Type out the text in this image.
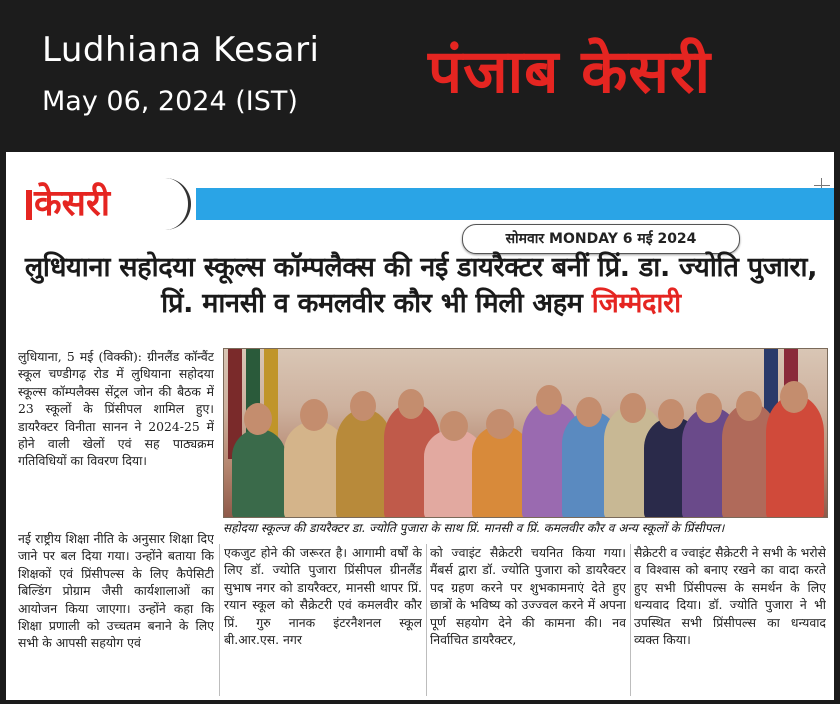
Ludhiana Kesari
May 06, 2024 (IST) पंजाब केसरी
केसरी
सोमवार MONDAY 6 मई 2024
लुधियाना सहोदया स्कूल्स कॉम्पलैक्स की नई डायरैक्टर बनीं प्रिं. डा. ज्योति पुजारा, प्रिं. मानसी व कमलवीर कौर भी मिली अहम जिम्मेदारी
लुधियाना, 5 मई (विक्की): ग्रीनलैंड कॉन्वैंट स्कूल चण्डीगढ़ रोड में लुधियाना सहोदया स्कूल्स कॉम्पलैक्स सेंट्रल जोन की बैठक में 23 स्कूलों के प्रिंसीपल शामिल हुए। डायरैक्टर विनीता सानन ने 2024-25 में होने वाली खेलों एवं सह पाठ्यक्रम गतिविधियों का विवरण दिया।
नई राष्ट्रीय शिक्षा नीति के अनुसार शिक्षा दिए जाने पर बल दिया गया। उन्होंने बताया कि शिक्षकों एवं प्रिंसीपल्स के लिए कैपेसिटी बिल्डिंग प्रोग्राम जैसी कार्यशालाओं का आयोजन किया जाएगा। उन्होंने कहा कि शिक्षा प्रणाली को उच्चतम बनाने के लिए सभी के आपसी सहयोग एवं
सहोदया स्कूल्ज की डायरैक्टर डा. ज्योति पुजारा के साथ प्रिं. मानसी व प्रिं. कमलवीर कौर व अन्य स्कूलों के प्रिंसीपल।
एकजुट होने की जरूरत है। आगामी वर्षों के लिए डॉ. ज्योति पुजारा प्रिंसीपल ग्रीनलैंड सुभाष नगर को डायरैक्टर, मानसी थापर प्रिं. रयान स्कूल को सैक्रेटरी एवं कमलवीर कौर प्रिं. गुरु नानक इंटरनैशनल स्कूल बी.आर.एस. नगर
को ज्वाइंट सैक्रेटरी चयनित किया गया। मैंबर्स द्वारा डॉ. ज्योति पुजारा को डायरैक्टर पद ग्रहण करने पर शुभकामनाएं देते हुए छात्रों के भविष्य को उज्ज्वल करने में अपना पूर्ण सहयोग देने की कामना की। नव निर्वाचित डायरैक्टर,
सैक्रेटरी व ज्वाइंट सैक्रेटरी ने सभी के भरोसे व विश्वास को बनाए रखने का वादा करते हुए सभी प्रिंसीपल्स के समर्थन के लिए धन्यवाद दिया। डॉ. ज्योति पुजारा ने भी उपस्थित सभी प्रिंसीपल्स का धन्यवाद व्यक्त किया।
